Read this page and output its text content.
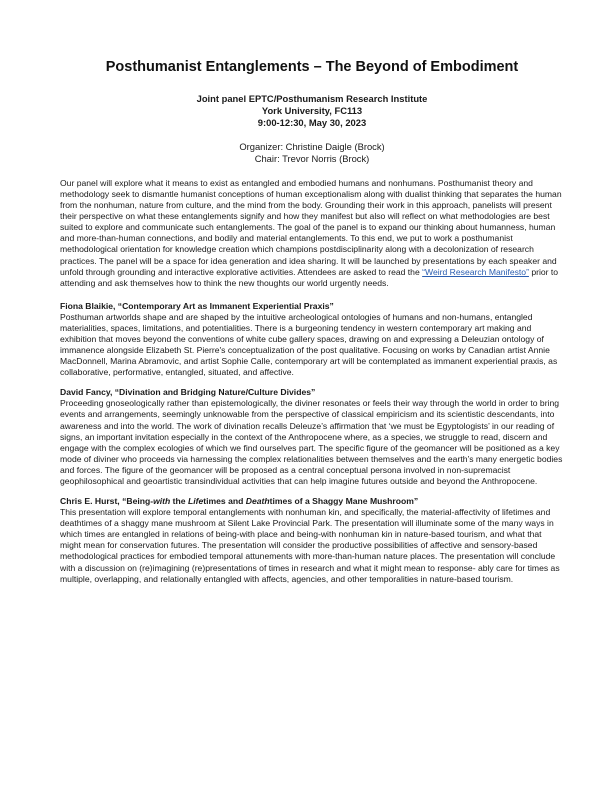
Posthumanist Entanglements – The Beyond of Embodiment
Joint panel EPTC/Posthumanism Research Institute
York University, FC113
9:00-12:30, May 30, 2023
Organizer: Christine Daigle (Brock)
Chair: Trevor Norris (Brock)

Our panel will explore what it means to exist as entangled and embodied humans and nonhumans. Posthumanist theory and methodology seek to dismantle humanist conceptions of human exceptionalism along with dualist thinking that separates the human from the nonhuman, nature from culture, and the mind from the body. Grounding their work in this approach, panelists will present their perspective on what these entanglements signify and how they manifest but also will reflect on what methodologies are best suited to explore and communicate such entanglements. The goal of the panel is to expand our thinking about humanness, human and more-than-human connections, and bodily and material entanglements. To this end, we put to work a posthumanist methodological orientation for knowledge creation which champions postdisciplinarity along with a decolonization of research practices. The panel will be a space for idea generation and idea sharing. It will be launched by presentations by each speaker and unfold through grounding and interactive explorative activities. Attendees are asked to read the “Weird Research Manifesto” prior to attending and ask themselves how to think the new thoughts our world urgently needs.

Fiona Blaikie, “Contemporary Art as Immanent Experiential Praxis”

Posthuman artworlds shape and are shaped by the intuitive archeological ontologies of humans and non-humans, entangled materialities, spaces, limitations, and potentialities. There is a burgeoning tendency in western contemporary art making and exhibition that moves beyond the conventions of white cube gallery spaces, drawing on and expressing a Deleuzian ontology of immanence alongside Elizabeth St. Pierre's conceptualization of the post qualitative. Focusing on works by Canadian artist Annie MacDonnell, Marina Abramovic, and artist Sophie Calle, contemporary art will be contemplated as immanent experiential praxis, as collaborative, performative, entangled, situated, and affective.

David Fancy, “Divination and Bridging Nature/Culture Divides”

Proceeding gnoseologically rather than epistemologically, the diviner resonates or feels their way through the world in order to bring events and arrangements, seemingly unknowable from the perspective of classical empiricism and its scientistic descendants, into awareness and into the world. The work of divination recalls Deleuze’s affirmation that ‘we must be Egyptologists’ in our reading of signs, an important invitation especially in the context of the Anthropocene where, as a species, we struggle to read, discern and engage with the complex ecologies of which we find ourselves part. The specific figure of the geomancer will be positioned as a key mode of diviner who proceeds via harnessing the complex relationalities between themselves and the earth’s many energetic bodies and forces. The figure of the geomancer will be proposed as a central conceptual persona involved in non-supremacist geophilosophical and geoartistic transindividual activities that can help imagine futures outside and beyond the Anthropocene.

Chris E. Hurst, “Being-with the Lifetimes and Deathtimes of a Shaggy Mane Mushroom”

This presentation will explore temporal entanglements with nonhuman kin, and specifically, the material-affectivity of lifetimes and deathtimes of a shaggy mane mushroom at Silent Lake Provincial Park. The presentation will illuminate some of the many ways in which times are entangled in relations of being-with place and being-with nonhuman kin in nature-based tourism, and what that might mean for conservation futures. The presentation will consider the productive possibilities of affective and sensory-based methodological practices for embodied temporal attunements with more-than-human nature places. The presentation will conclude with a discussion on (re)imagining (re)presentations of times in research and what it might mean to response- ably care for times as multiple, overlapping, and relationally entangled with affects, agencies, and other temporalities in nature-based tourism.
